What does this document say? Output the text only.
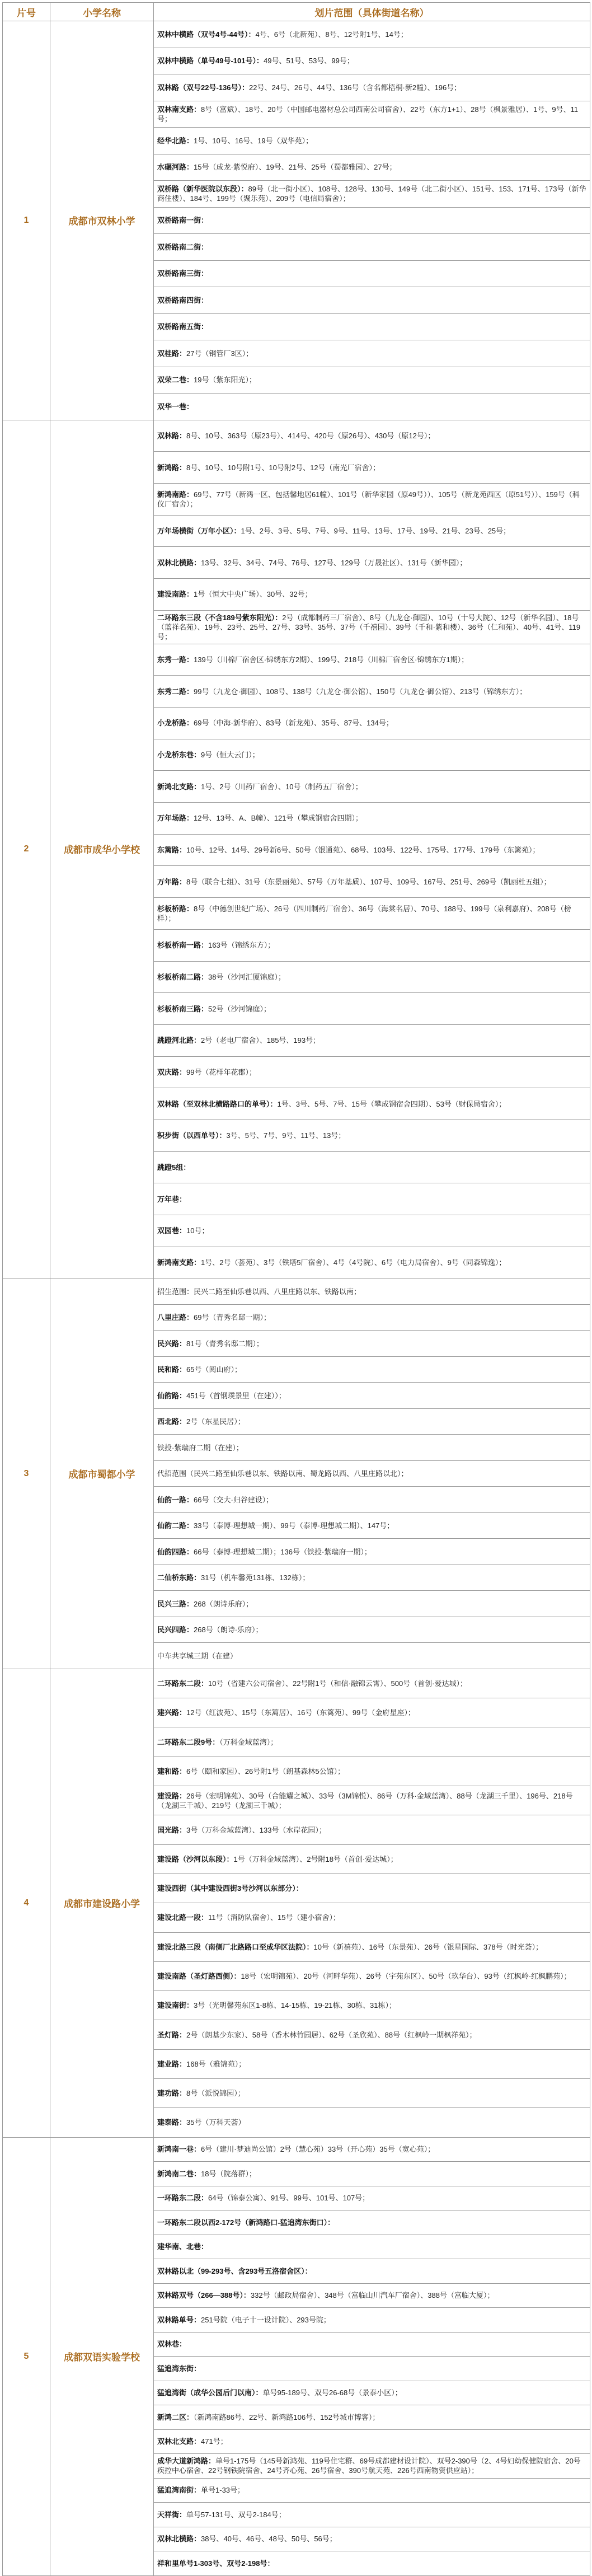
片号	小学名称	划片范围（具体街道名称）
1	成都市双林小学	双林中横路（双号4号-44号）：4号、6号（北新苑）、8号、12号附1号、14号；
		双林中横路（单号49号-101号）：49号、51号、53号、99号；
		双林路（双号22号-136号）：22号、24号、26号、44号、136号（含名都梧桐·新2幢）、196号；
		双林南支路：8号（富斌）、18号、20号（中国邮电器材总公司西南公司宿舍）、22号（东方1+1）、28号（枫景雅居）、1号、9号、11号；
		经华北路：1号、10号、16号、19号（双华苑）；
		水碾河路：15号（成龙·紫悦府）、19号、21号、25号（蜀都雅园）、27号；
		双桥路（新华医院以东段）：89号（北一街小区）、108号、128号、130号、149号（北二街小区）、151号、153、171号、173号（新华商住楼）、184号、199号（聚乐苑）、209号（电信局宿舍）；
		双桥路南一街：
		双桥路南二街：
		双桥路南三街：
		双桥路南四街：
		双桥路南五街：
		双桂路：27号（钢管厂3区）；
		双荣二巷：19号（紫东阳光）；
		双华一巷：
2	成都市成华小学校	双林路：8号、10号、363号（原23号）、414号、420号（原26号）、430号（原12号）；
		新鸿路：8号、10号、10号附1号、10号附2号、12号（南光厂宿舍）；
		新鸿南路：69号、77号（新鸿一区、包括馨地居61幢）、101号（新华家园（原49号））、105号（新龙苑西区（原51号））、159号（科仪厂宿舍）；
		万年场横街（万年小区）：1号、2号、3号、5号、7号、9号、11号、13号、17号、19号、21号、23号、25号；
		双林北横路：13号、32号、34号、74号、76号、127号、129号（万晟社区）、131号（新华园）；
		建设南路：1号（恒大中央广场）、30号、32号；
		二环路东三段（不含189号紫东阳光）：2号（成都制药三厂宿舍）、8号（九龙仓·御园）、10号（十号大院）、12号（新华名园）、18号（蓝祥名苑）、19号、23号、25号、27号、33号、35号、37号（千禧园）、39号（千和·紫和楼）、36号（仁和苑）、40号、41号、119号；
		东秀一路：139号（川棉厂宿舍区·锦绣东方2期）、199号、218号（川棉厂宿舍区·锦绣东方1期）；
		东秀二路：99号（九龙仓·御园）、108号、138号（九龙仓·御公馆）、150号（九龙仓·御公馆）、213号（锦绣东方）；
		小龙桥路：69号（中海·新华府）、83号（新龙苑）、35号、87号、134号；
		小龙桥东巷：9号（恒大云门）；
		新鸿北支路：1号、2号（川药厂宿舍）、10号（制药五厂宿舍）；
		万年场路：12号、13号、A、B幢）、121号（攀成钢宿舍四期）；
		东篱路：10号、12号、14号、29号新6号、50号（银通苑）、68号、103号、122号、175号、177号、179号（东篱苑）；
		万年路：8号（联合七组）、31号（东景丽苑）、57号（万年基质）、107号、109号、167号、251号、269号（凯丽杜五组）；
		杉板桥路：8号（中德创世纪广场）、26号（四川制药厂宿舍）、36号（海棠名居）、70号、188号、199号（泉利嘉府）、208号（榜样）；
		杉板桥南一路：163号（锦绣东方）；
		杉板桥南二路：38号（沙河汇厦锦庭）；
		杉板桥南三路：52号（沙河锦庭）；
		跳蹬河北路：2号（老电厂宿舍）、185号、193号；
		双庆路：99号（花样年花郡）；
		双林路（至双林北横路路口的单号）：1号、3号、5号、7号、15号（攀成钢宿舍四期）、53号（财保局宿舍）；
		积步街（以西单号）：3号、5号、7号、9号、11号、13号；
		跳蹬5组：
		万年巷：
		双园巷：10号；
		新鸿南支路：1号、2号（荟苑）、3号（铁塔5厂宿舍）、4号（4号院）、6号（电力局宿舍）、9号（同森锦逸）；
3	成都市蜀都小学	招生范围：民兴二路至仙乐巷以西、八里庄路以东、铁路以南；
		八里庄路：69号（青秀名邸一期）；
		民兴路：81号（青秀名邸二期）；
		民和路：65号（阅山府）；
		仙韵路：451号（首钢璞景里（在建））；
		西北路：2号（东星民居）；
		铁投·紫瑞府二期（在建）；
		代招范围（民兴二路至仙乐巷以东、铁路以南、蜀龙路以西、八里庄路以北）；
		仙韵一路：66号（交大·归谷建设）；
		仙韵二路：33号（泰博·理想城一期）、99号（泰博·理想城二期）、147号；
		仙韵四路：66号（泰博·理想城二期）；136号（铁投·紫瑞府一期）；
		二仙桥东路：31号（机车馨苑131栋、132栋）；
		民兴三路：268（朗诗乐府）；
		民兴四路：268号（朗诗·乐府）；
		中车共享城三期（在建）
4	成都市建设路小学	二环路东二段：10号（省建六公司宿舍）、22号附1号（和信·融锦云霄）、500号（首创·爱达城）；
		建兴路：12号（红波苑）、15号（东篱居）、16号（东篱苑）、99号（金府星座）；
		二环路东二段9号：（万科金域蓝湾）；
		建和路：6号（颐和家园）、26号附1号（朗基森林5公馆）；
		建设路：26号（宏明锦苑）、30号（合能耀之城）、33号（3M锦悦）、86号（万科·金域蓝湾）、88号（龙湖三千里）、196号、218号（龙湖三千城）、219号（龙湖三千城）；
		国光路：3号（万科金域蓝湾）、133号（水岸花园）；
		建设路（沙河以东段）：1号（万科金域蓝湾）、2号附18号（首创·爱达城）；
		建设西街（其中建设西街3号沙河以东部分）：
		建设北路一段：11号（消防队宿舍）、15号（建小宿舍）；
		建设北路三段（南侧厂北路路口至成华区法院）：10号（新禧苑）、16号（东景苑）、26号（银星国际、378号（时光荟）；
		建设南路（圣灯路西侧）：18号（宏明锦苑）、20号（河畔华苑）、26号（宇苑东区）、50号（玖华台）、93号（红枫岭·红枫鹏苑）；
		建设南街：3号（光明馨苑东区1-8栋、14-15栋、19-21栋、30栋、31栋）；
		圣灯路：2号（朗基少东家）、58号（香木林竹园居）、62号（圣欣苑）、88号（红枫岭一期枫祥苑）；
		建业路：168号（雅锦苑）；
		建功路：8号（派悦锦园）；
		建泰路：35号（万科天荟）
5	成都双语实验学校	新鸿南一巷：6号（建川·梦迪尚公馆）2号（慧心苑）33号（开心苑）35号（宽心苑）；
		新鸿南二巷：18号（院落群）；
		一环路东二段：64号（锦泰公寓）、91号、99号、101号、107号；
		一环路东二段以西2-172号（新鸿路口-猛追湾东街口）：
		建华南、北巷：
		双林路以北（99-293号、含293号五洛宿舍区）：
		双林路双号（266—388号）：332号（邮政局宿舍）、348号（富临山川汽车厂宿舍）、388号（富临大厦）；
		双林路单号：251号院（电子十一设计院）、293号院；
		双林巷：
		猛追湾东街：
		猛追湾街（成华公园后门以南）：单号95-189号、双号26-68号（景泰小区）；
		新鸿二区：（新鸿南路86号、22号、新鸿路106号、152号城市博客）；
		双林北支路：471号；
		成华大道新鸿路：单号1-175号（145号新鸿苑、119号住宅群、69号成都建材设计院）、双号2-390号（2、4号妇幼保健院宿舍、20号疾控中心宿舍、22号钢铁院宿舍、24号齐心苑、26号宿舍、390号航天苑、226号西南物资供应站）；
		猛追湾南街：单号1-33号；
		天祥街：单号57-131号、双号2-184号；
		双林北横路：38号、40号、46号、48号、50号、56号；
		祥和里单号1-303号、双号2-198号：
